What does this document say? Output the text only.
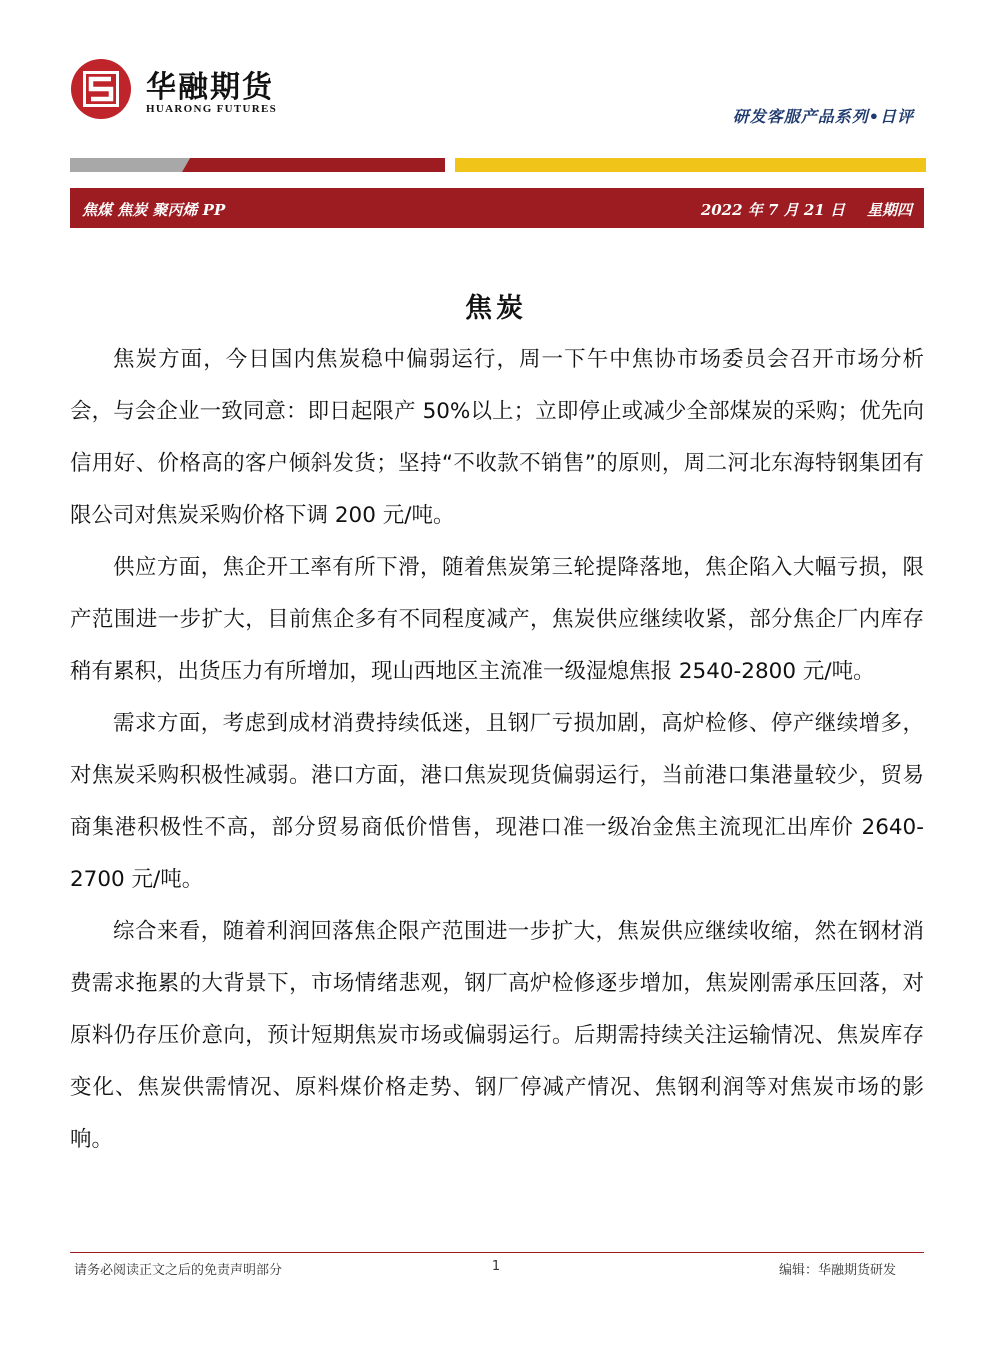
华融期货
HUARONG FUTURES	研发客服产品系列•日评
焦煤 焦炭 聚丙烯 PP	2022 年 7 月 21 日 星期四
焦炭

焦炭方面，今日国内焦炭稳中偏弱运行，周一下午中焦协市场委员会召开市场分析会，与会企业一致同意：即日起限产 50%以上；立即停止或减少全部煤炭的采购；优先向信用好、价格高的客户倾斜发货；坚持“不收款不销售”的原则，周二河北东海特钢集团有限公司对焦炭采购价格下调 200 元/吨。

供应方面，焦企开工率有所下滑，随着焦炭第三轮提降落地，焦企陷入大幅亏损，限产范围进一步扩大，目前焦企多有不同程度减产，焦炭供应继续收紧，部分焦企厂内库存稍有累积，出货压力有所增加，现山西地区主流准一级湿熄焦报 2540-2800 元/吨。

需求方面，考虑到成材消费持续低迷，且钢厂亏损加剧，高炉检修、停产继续增多，对焦炭采购积极性减弱。港口方面，港口焦炭现货偏弱运行，当前港口集港量较少，贸易商集港积极性不高，部分贸易商低价惜售，现港口准一级冶金焦主流现汇出库价 2640-2700 元/吨。

综合来看，随着利润回落焦企限产范围进一步扩大，焦炭供应继续收缩，然在钢材消费需求拖累的大背景下，市场情绪悲观，钢厂高炉检修逐步增加，焦炭刚需承压回落，对原料仍存压价意向，预计短期焦炭市场或偏弱运行。后期需持续关注运输情况、焦炭库存变化、焦炭供需情况、原料煤价格走势、钢厂停减产情况、焦钢利润等对焦炭市场的影响。

请务必阅读正文之后的免责声明部分	1	编辑：华融期货研发
